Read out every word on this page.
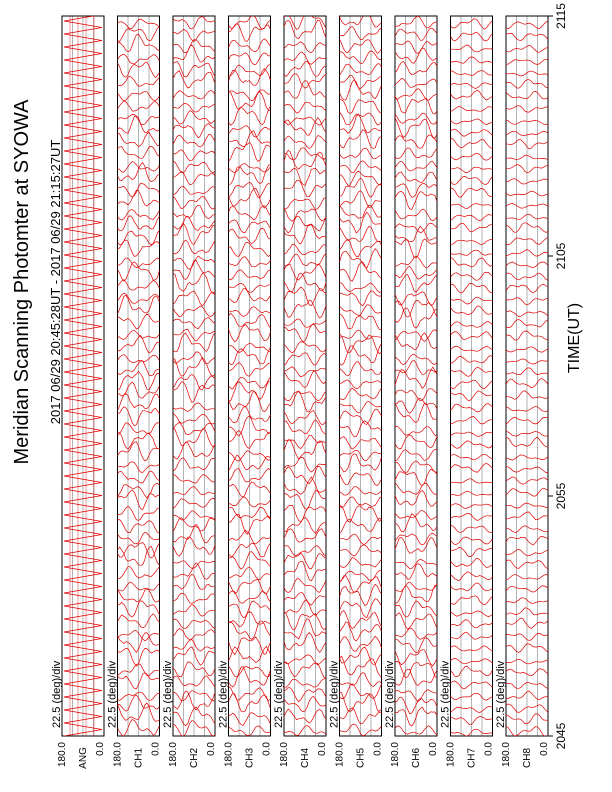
Meridian Scanning Photomter at SYOWA 2017 06/29 20:45:28UT - 2017 06/29 21:15:27UT	TIME(UT)
22.5 (deg)/div
180.0	0.0
ANG
22.5 (deg)/div
180.0	0.0
CH1
22.5 (deg)/div
180.0	0.0
CH2
22.5 (deg)/div
180.0	0.0
CH3
22.5 (deg)/div
180.0	0.0
CH4
22.5 (deg)/div
180.0	0.0
CH5
22.5 (deg)/div
180.0	0.0
CH6
22.5 (deg)/div
180.0	0.0
CH7
22.5 (deg)/div
180.0	0.0
CH8
2045
2055
2105
2115
